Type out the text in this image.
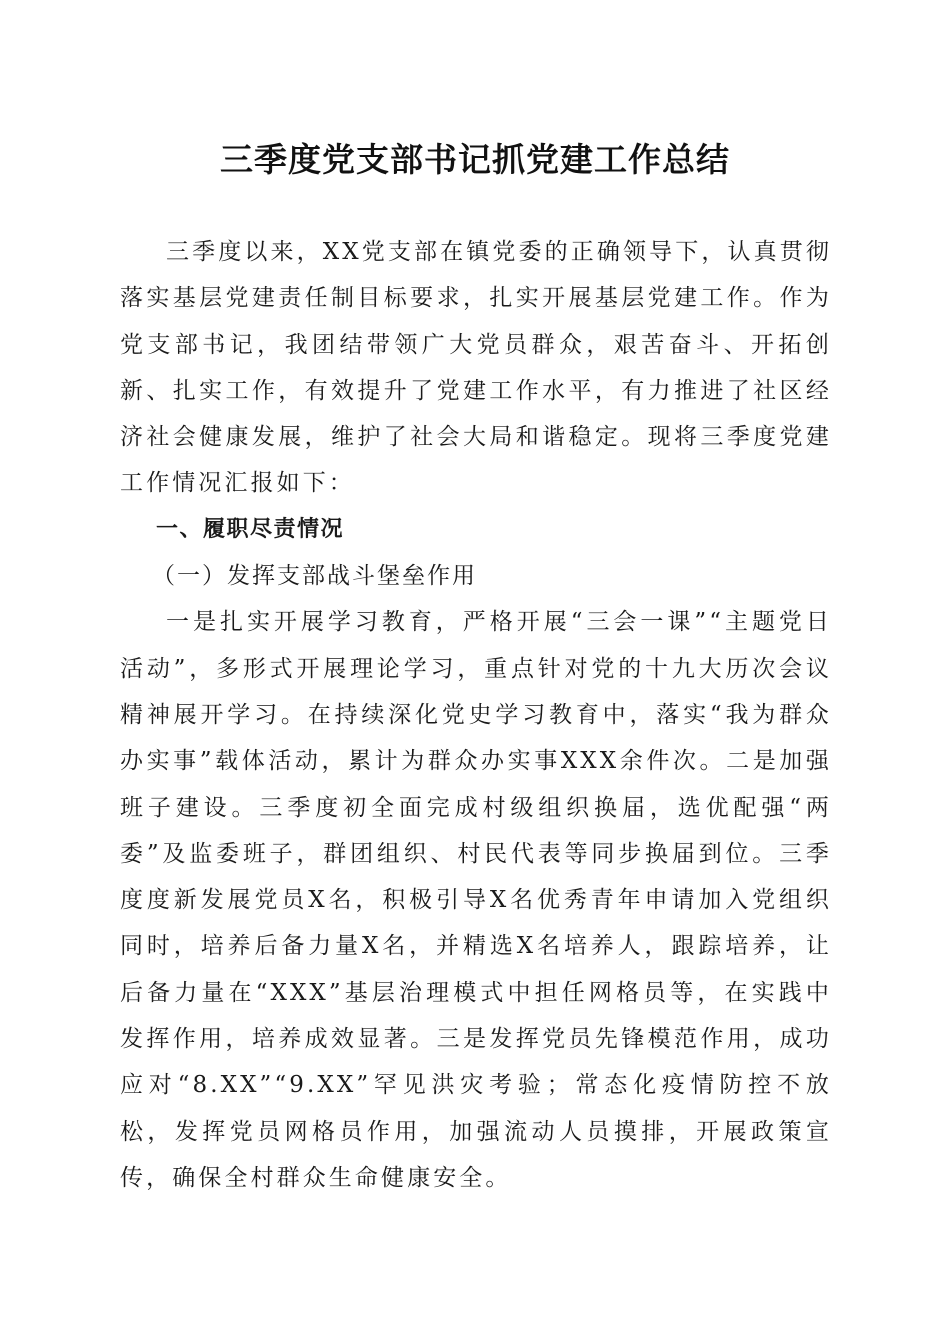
三季度党支部书记抓党建工作总结

三季度以来，XX党支部在镇党委的正确领导下，认真贯彻落实基层党建责任制目标要求，扎实开展基层党建工作。作为党支部书记，我团结带领广大党员群众，艰苦奋斗、开拓创新、扎实工作，有效提升了党建工作水平，有力推进了社区经济社会健康发展，维护了社会大局和谐稳定。现将三季度党建工作情况汇报如下：

一、履职尽责情况

（一）发挥支部战斗堡垒作用

一是扎实开展学习教育，严格开展“三会一课”“主题党日活动”，多形式开展理论学习，重点针对党的十九大历次会议精神展开学习。在持续深化党史学习教育中，落实“我为群众办实事”载体活动，累计为群众办实事XXX余件次。二是加强班子建设。三季度初全面完成村级组织换届，选优配强“两委”及监委班子，群团组织、村民代表等同步换届到位。三季度度新发展党员X名，积极引导X名优秀青年申请加入党组织同时，培养后备力量X名，并精选X名培养人，跟踪培养，让后备力量在“XXX”基层治理模式中担任网格员等，在实践中发挥作用，培养成效显著。三是发挥党员先锋模范作用，成功应对“8.XX”“9.XX”罕见洪灾考验；常态化疫情防控不放松，发挥党员网格员作用，加强流动人员摸排，开展政策宣传，确保全村群众生命健康安全。
